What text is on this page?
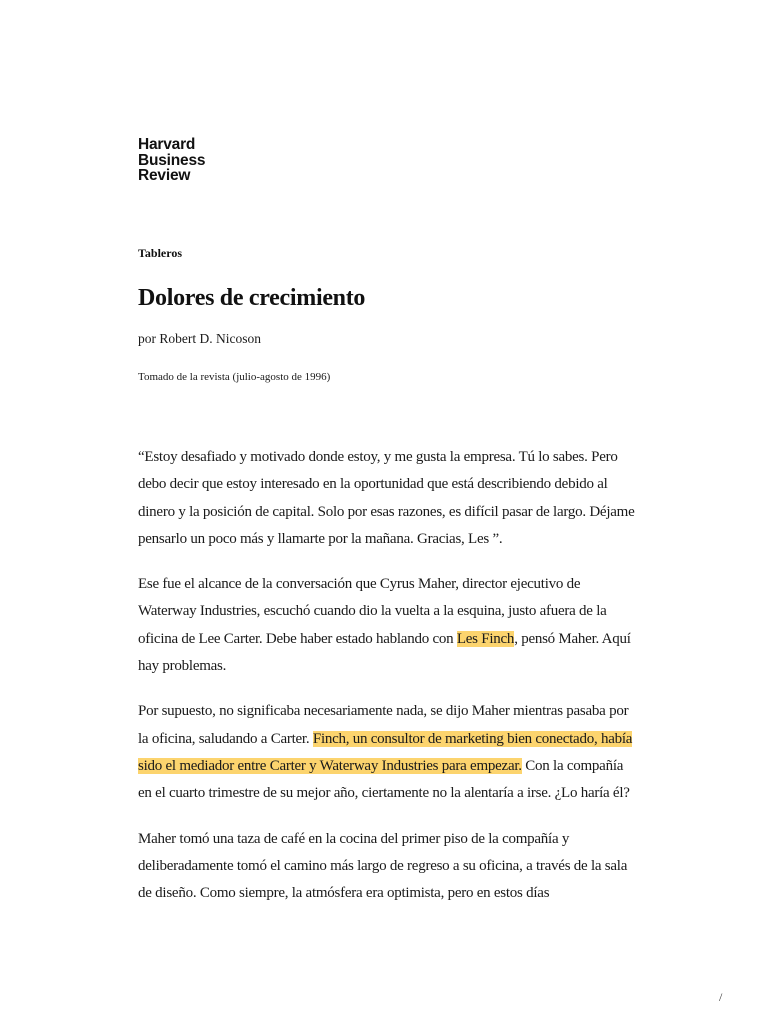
Harvard
Business
Review
Tableros
Dolores de crecimiento
por Robert D. Nicoson
Tomado de la revista (julio-agosto de 1996)

“Estoy desafiado y motivado donde estoy, y me gusta la empresa. Tú lo sabes. Pero debo decir que estoy interesado en la oportunidad que está describiendo debido al dinero y la posición de capital. Solo por esas razones, es difícil pasar de largo. Déjame pensarlo un poco más y llamarte por la mañana. Gracias, Les ”.

Ese fue el alcance de la conversación que Cyrus Maher, director ejecutivo de Waterway Industries, escuchó cuando dio la vuelta a la esquina, justo afuera de la oficina de Lee Carter. Debe haber estado hablando con Les Finch, pensó Maher. Aquí hay problemas.

Por supuesto, no significaba necesariamente nada, se dijo Maher mientras pasaba por la oficina, saludando a Carter. Finch, un consultor de marketing bien conectado, había sido el mediador entre Carter y Waterway Industries para empezar. Con la compañía en el cuarto trimestre de su mejor año, ciertamente no la alentaría a irse. ¿Lo haría él?

Maher tomó una taza de café en la cocina del primer piso de la compañía y deliberadamente tomó el camino más largo de regreso a su oficina, a través de la sala de diseño. Como siempre, la atmósfera era optimista, pero en estos días

/
